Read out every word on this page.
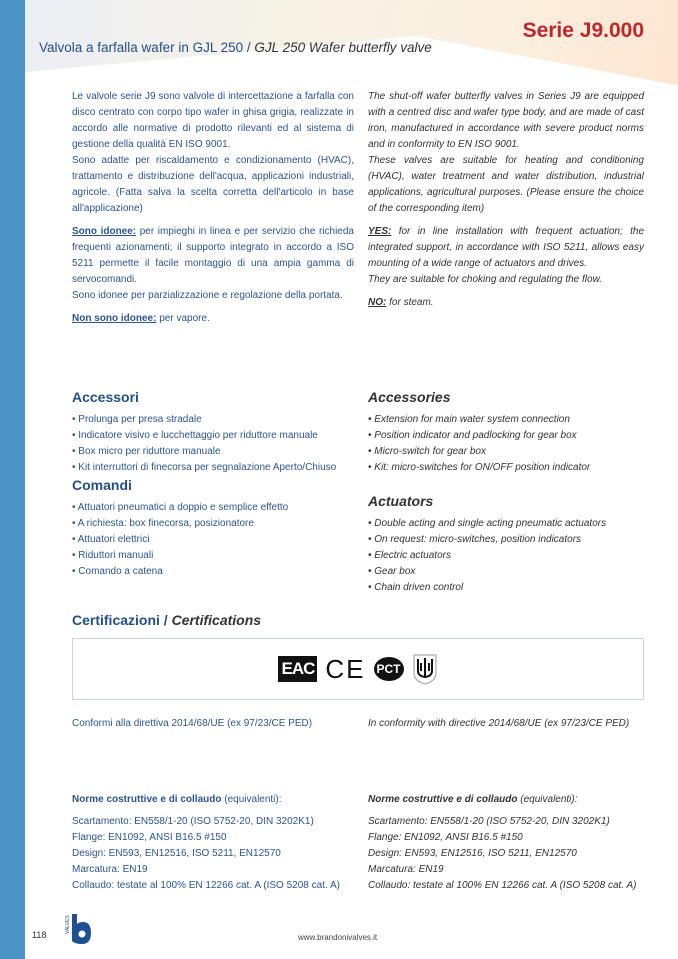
Serie J9.000
Valvola a farfalla wafer in GJL 250 / GJL 250 Wafer butterfly valve

Le valvole serie J9 sono valvole di intercettazione a farfalla con disco centrato con corpo tipo wafer in ghisa grigia, realizzate in accordo alle normative di prodotto rilevanti ed al sistema di gestione della qualità EN ISO 9001.
Sono adatte per riscaldamento e condizionamento (HVAC), trattamento e distribuzione dell'acqua, applicazioni industriali, agricole. (Fatta salva la scelta corretta dell'articolo in base all'applicazione)

Sono idonee: per impieghi in linea e per servizio che richieda frequenti azionamenti; il supporto integrato in accordo a ISO 5211 permette il facile montaggio di una ampia gamma di servocomandi.
Sono idonee per parzializzazione e regolazione della portata.

Non sono idonee: per vapore.

The shut-off wafer butterfly valves in Series J9 are equipped with a centred disc and wafer type body, and are made of cast iron, manufactured in accordance with severe product norms and in conformity to EN ISO 9001.
These valves are suitable for heating and conditioning (HVAC), water treatment and water distribution, industrial applications, agricultural purposes. (Please ensure the choice of the corresponding item)

YES: for in line installation with frequent actuation; the integrated support, in accordance with ISO 5211, allows easy mounting of a wide range of actuators and drives.
They are suitable for choking and regulating the flow.

NO: for steam.

Accessori
• Prolunga per presa stradale
• Indicatore visivo e lucchettaggio per riduttore manuale
• Box micro per riduttore manuale
• Kit interruttori di finecorsa per segnalazione Aperto/Chiuso
Comandi
• Attuatori pneumatici a doppio e semplice effetto
• A richiesta: box finecorsa, posizionatore
• Attuatori elettrici
• Riduttori manuali
• Comando a catena
Accessories
• Extension for main water system connection
• Position indicator and padlocking for gear box
• Micro-switch for gear box
• Kit: micro-switches for ON/OFF position indicator
Actuators
• Double acting and single acting pneumatic actuators
• On request: micro-switches, position indicators
• Electric actuators
• Gear box
• Chain driven control
Certificazioni / Certifications
EAC CE PCT
Conformi alla direttiva 2014/68/UE (ex 97/23/CE PED)	In conformity with directive 2014/68/UE (ex 97/23/CE PED)
Norme costruttive e di collaudo (equivalenti):
Scartamento: EN558/1-20 (ISO 5752-20, DIN 3202K1)
Flange: EN1092, ANSI B16.5 #150
Design: EN593, EN12516, ISO 5211, EN12570
Marcatura: EN19
Collaudo: testate al 100% EN 12266 cat. A (ISO 5208 cat. A)
Norme costruttive e di collaudo (equivalenti):
Scartamento: EN558/1-20 (ISO 5752-20, DIN 3202K1)
Flange: EN1092, ANSI B16.5 #150
Design: EN593, EN12516, ISO 5211, EN12570
Marcatura: EN19
Collaudo: testate al 100% EN 12266 cat. A (ISO 5208 cat. A)
118
VALVES
www.brandonivalves.it
